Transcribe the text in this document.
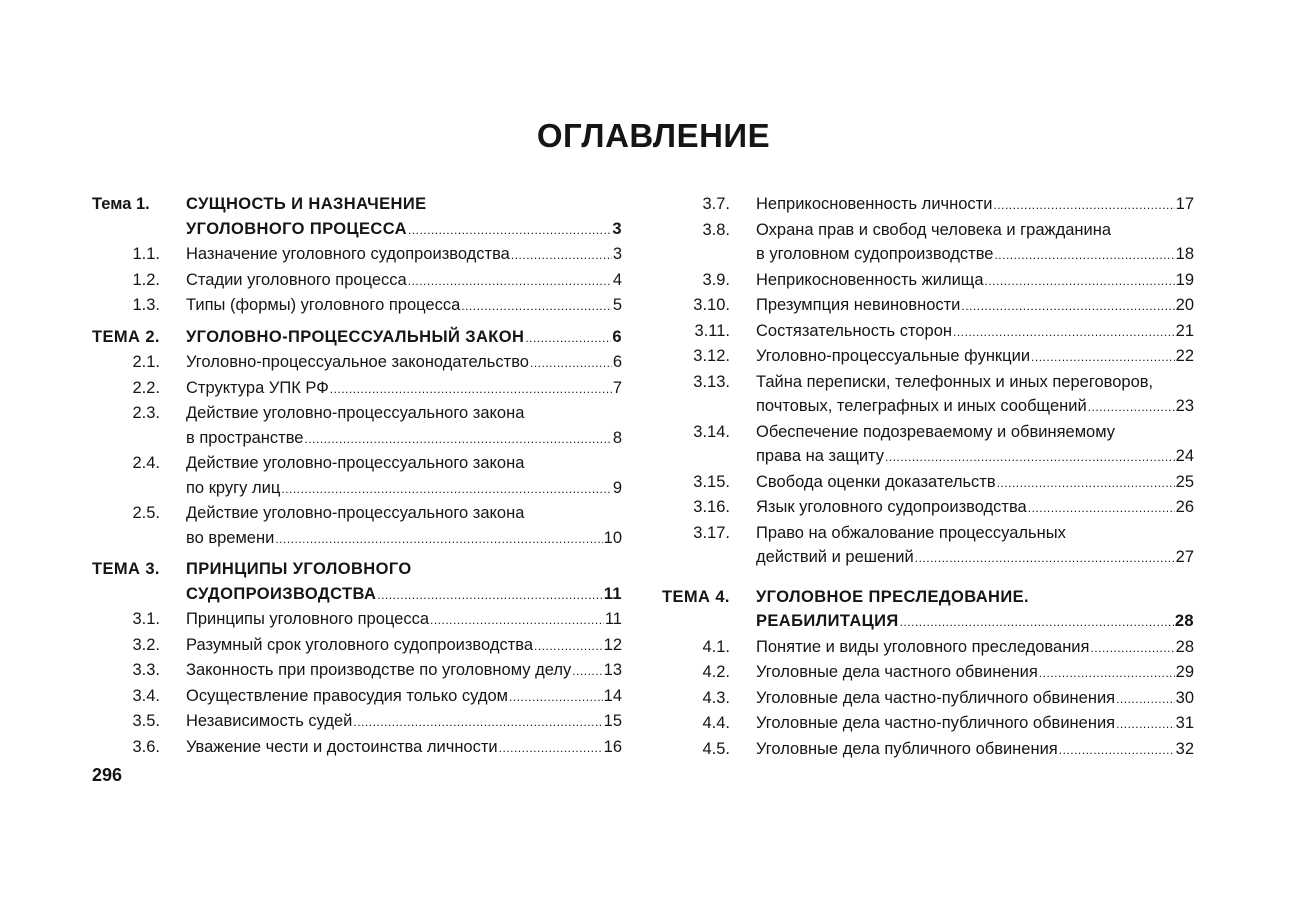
ОГЛАВЛЕНИЕ
Тема 1.	СУЩНОСТЬ И НАЗНАЧЕНИЕ
УГОЛОВНОГО ПРОЦЕССА .....	3
1.1.	Назначение уголовного судопроизводства .....	3
1.2.	Стадии уголовного процесса .....	4
1.3.	Типы (формы) уголовного процесса .....	5
ТЕМА 2.	УГОЛОВНО-ПРОЦЕССУАЛЬНЫЙ ЗАКОН .....	6
2.1.	Уголовно-процессуальное законодательство .....	6
2.2.	Структура УПК РФ .....	7
2.3.	Действие уголовно-процессуального закона
в пространстве .....	8
2.4.	Действие уголовно-процессуального закона
по кругу лиц .....	9
2.5.	Действие уголовно-процессуального закона
во времени .....	10
ТЕМА 3.	ПРИНЦИПЫ УГОЛОВНОГО
СУДОПРОИЗВОДСТВА .....	11
3.1.	Принципы уголовного процесса .....	11
3.2.	Разумный срок уголовного судопроизводства .....	12
3.3.	Законность при производстве по уголовному делу ..... 13
3.4.	Осуществление правосудия только судом .....	14
3.5.	Независимость судей .....	15
3.6.	Уважение чести и достоинства личности .....	16
3.7.	Неприкосновенность личности .....	17
3.8.	Охрана прав и свобод человека и гражданина
в уголовном судопроизводстве .....	18
3.9.	Неприкосновенность жилища .....	19
3.10.	Презумпция невиновности .....	20
3.11.	Состязательность сторон .....	21
3.12.	Уголовно-процессуальные функции .....	22
3.13.	Тайна переписки, телефонных и иных переговоров,
почтовых, телеграфных и иных сообщений .....	23
3.14.	Обеспечение подозреваемому и обвиняемому
права на защиту .....	24
3.15.	Свобода оценки доказательств .....	25
3.16.	Язык уголовного судопроизводства .....	26
3.17.	Право на обжалование процессуальных
действий и решений .....	27
ТЕМА 4.	УГОЛОВНОЕ ПРЕСЛЕДОВАНИЕ.
РЕАБИЛИТАЦИЯ .....	28
4.1.	Понятие и виды уголовного преследования .....	28
4.2.	Уголовные дела частного обвинения .....	29
4.3.	Уголовные дела частно-публичного обвинения .....	30
4.4.	Уголовные дела частно-публичного обвинения .....	31
4.5.	Уголовные дела публичного обвинения .....	32
296
